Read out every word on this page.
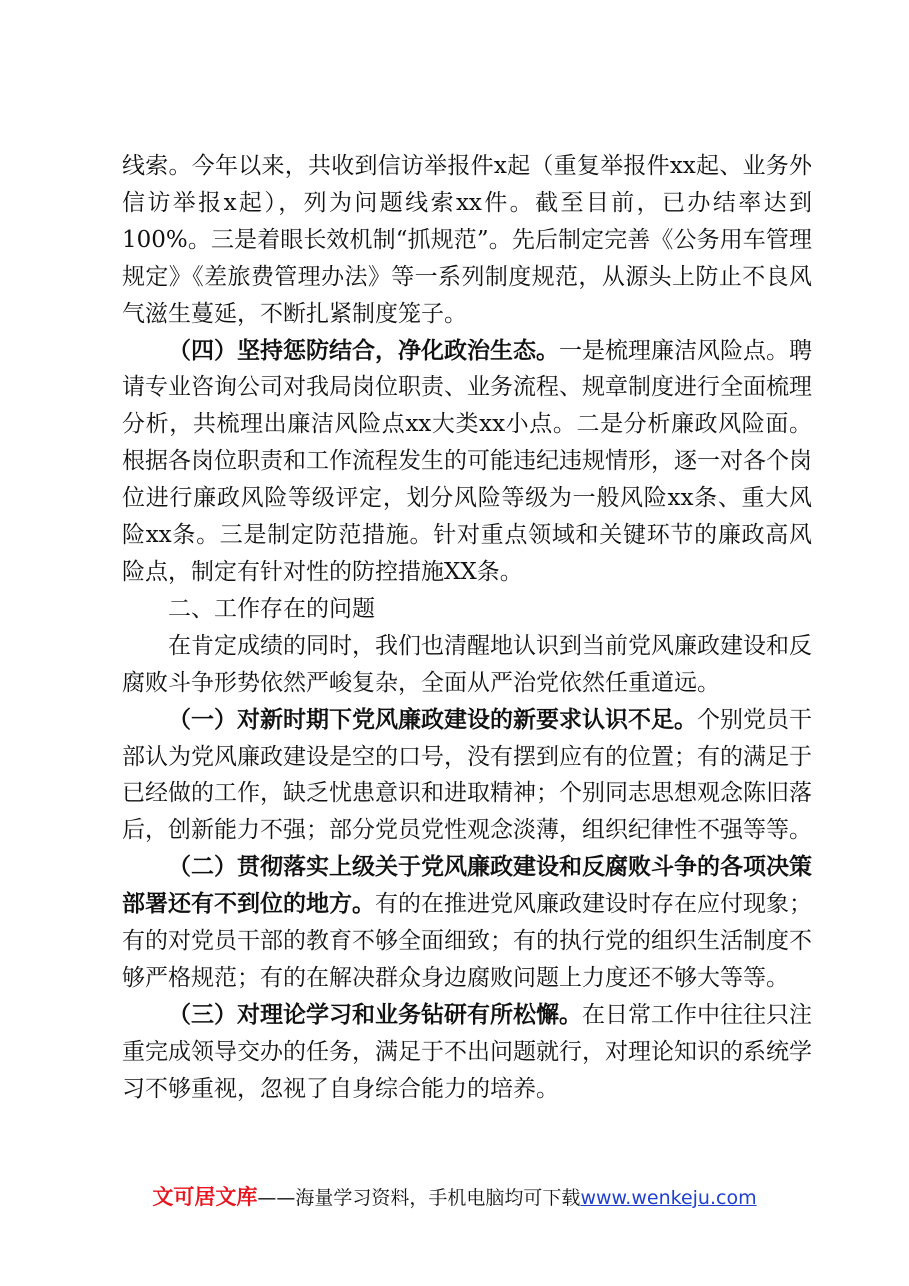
线索。今年以来，共收到信访举报件x起（重复举报件xx起、业务外信访举报x起），列为问题线索xx件。截至目前，已办结率达到100%。三是着眼长效机制“抓规范”。先后制定完善《公务用车管理规定》《差旅费管理办法》等一系列制度规范，从源头上防止不良风气滋生蔓延，不断扎紧制度笼子。

（四）坚持惩防结合，净化政治生态。一是梳理廉洁风险点。聘请专业咨询公司对我局岗位职责、业务流程、规章制度进行全面梳理分析，共梳理出廉洁风险点xx大类xx小点。二是分析廉政风险面。根据各岗位职责和工作流程发生的可能违纪违规情形，逐一对各个岗位进行廉政风险等级评定，划分风险等级为一般风险xx条、重大风险xx条。三是制定防范措施。针对重点领域和关键环节的廉政高风险点，制定有针对性的防控措施XX条。

二、工作存在的问题

在肯定成绩的同时，我们也清醒地认识到当前党风廉政建设和反腐败斗争形势依然严峻复杂，全面从严治党依然任重道远。

（一）对新时期下党风廉政建设的新要求认识不足。个别党员干部认为党风廉政建设是空的口号，没有摆到应有的位置；有的满足于已经做的工作，缺乏忧患意识和进取精神；个别同志思想观念陈旧落后，创新能力不强；部分党员党性观念淡薄，组织纪律性不强等等。

（二）贯彻落实上级关于党风廉政建设和反腐败斗争的各项决策部署还有不到位的地方。有的在推进党风廉政建设时存在应付现象；有的对党员干部的教育不够全面细致；有的执行党的组织生活制度不够严格规范；有的在解决群众身边腐败问题上力度还不够大等等。

（三）对理论学习和业务钻研有所松懈。在日常工作中往往只注重完成领导交办的任务，满足于不出问题就行，对理论知识的系统学习不够重视，忽视了自身综合能力的培养。

文可居文库——海量学习资料，手机电脑均可下载www.wenkeju.com
